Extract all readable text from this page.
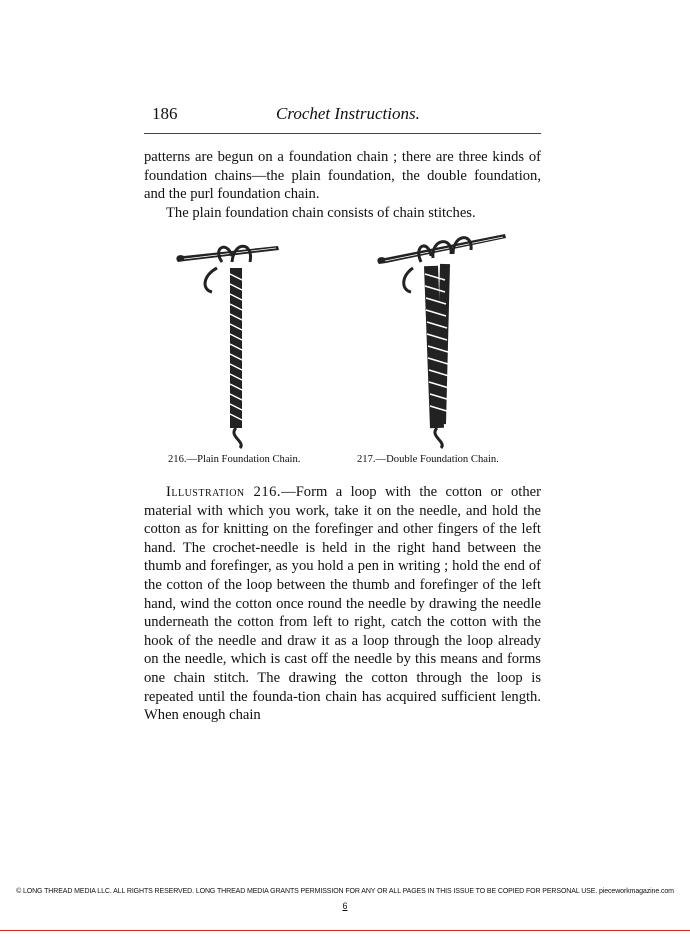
186	Crochet Instructions.

patterns are begun on a foundation chain ; there are three kinds of foundation chains—the plain foundation, the double foundation, and the purl foundation chain.

The plain foundation chain consists of chain stitches.

216.—Plain Foundation Chain.	217.—Double Foundation Chain.

Illustration 216.—Form a loop with the cotton or other material with which you work, take it on the needle, and hold the cotton as for knitting on the forefinger and other fingers of the left hand. The crochet-needle is held in the right hand between the thumb and forefinger, as you hold a pen in writing ; hold the end of the cotton of the loop between the thumb and forefinger of the left hand, wind the cotton once round the needle by drawing the needle underneath the cotton from left to right, catch the cotton with the hook of the needle and draw it as a loop through the loop already on the needle, which is cast off the needle by this means and forms one chain stitch. The drawing the cotton through the loop is repeated until the founda-tion chain has acquired sufficient length. When enough chain

© LONG THREAD MEDIA LLC. ALL RIGHTS RESERVED. LONG THREAD MEDIA GRANTS PERMISSION FOR ANY OR ALL PAGES IN THIS ISSUE TO BE COPIED FOR PERSONAL USE. pieceworkmagazine.com
6
